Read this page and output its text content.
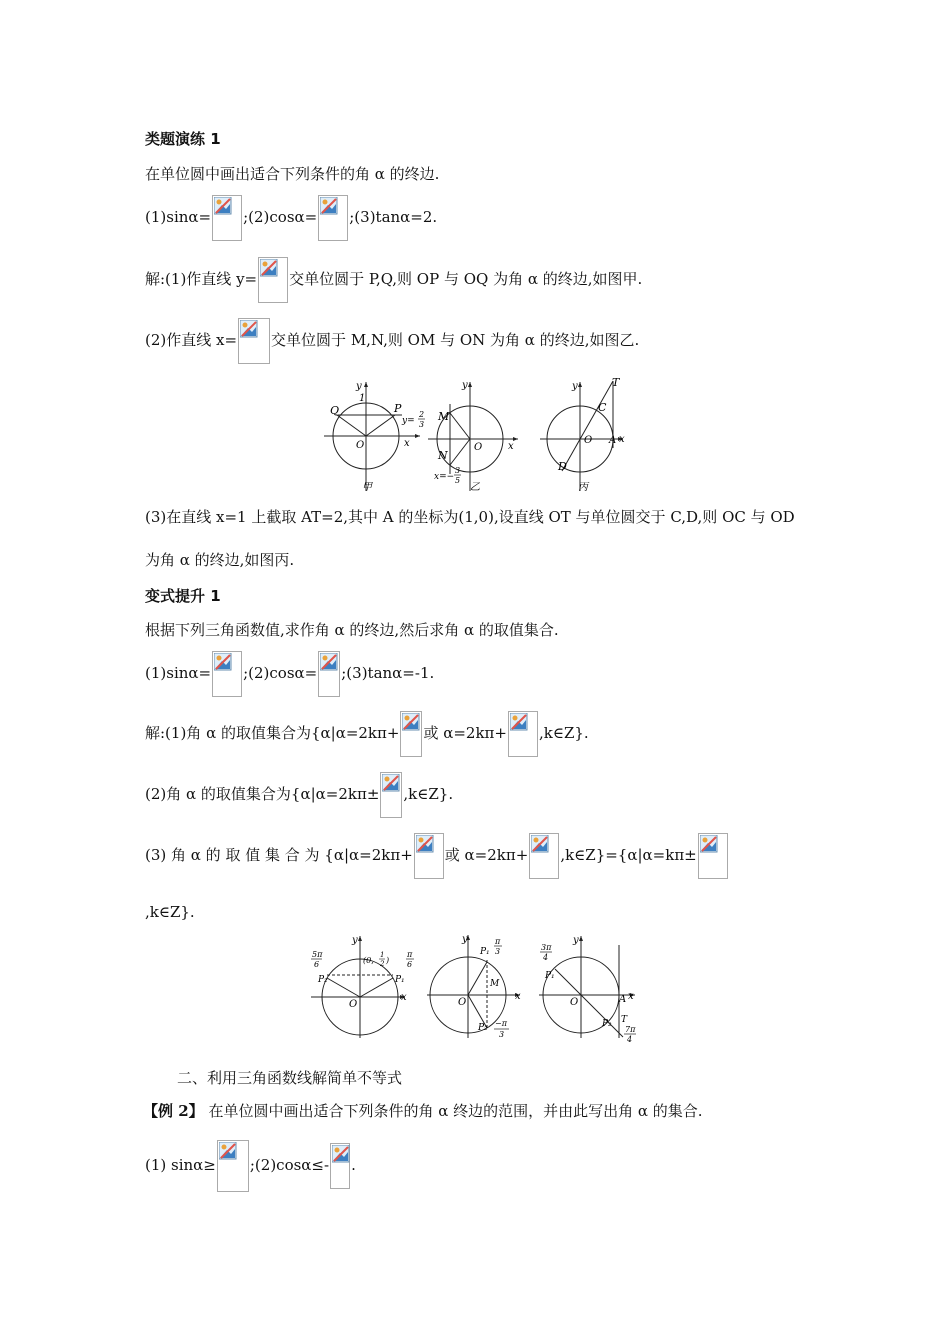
类题演练 1
在单位圆中画出适合下列条件的角 α 的终边.
(1)sinα= ;(2)cosα= ;(3)tanα=2.
解:(1)作直线 y= 交单位圆于 P,Q,则 OP 与 OQ 为角 α 的终边,如图甲.
(2)作直线 x= 交单位圆于 M,N,则 OM 与 ON 为角 α 的终边,如图乙.
y
1
x
Q	P
O
y=
2
3
甲
y
x
M
N
O
x=−
3
5
乙
y
x
T
C
D
O A
丙
(3)在直线 x=1 上截取 AT=2,其中 A 的坐标为(1,0),设直线 OT 与单位圆交于 C,D,则 OC 与 OD
为角 α 的终边,如图丙.
变式提升 1
根据下列三角函数值,求作角 α 的终边,然后求角 α 的取值集合.
(1)sinα= ;(2)cosα= ;(3)tanα=-1.
解:(1)角 α 的取值集合为{α|α=2kπ+ 或 α=2kπ+ ,k∈Z}.
(2)角 α 的取值集合为{α|α=2kπ± ,k∈Z}.
(3) 角 α 的 取 值 集 合 为 {α|α=2kπ+ 或 α=2kπ+ ,k∈Z}={α|α=kπ±
,k∈Z}.
y
x
O
P₂	P₁
5π
6
π
6
(0,
1
2 )
y
x
O
M
P₁
P₂
π
3
−π
3
y
x
O	A
T
P₁
P₂
3π
4
7π
4
二、利用三角函数线解简单不等式
【例 2】 在单位圆中画出适合下列条件的角 α 终边的范围，并由此写出角 α 的集合.
(1) sinα≥ ;(2)cosα≤- .
